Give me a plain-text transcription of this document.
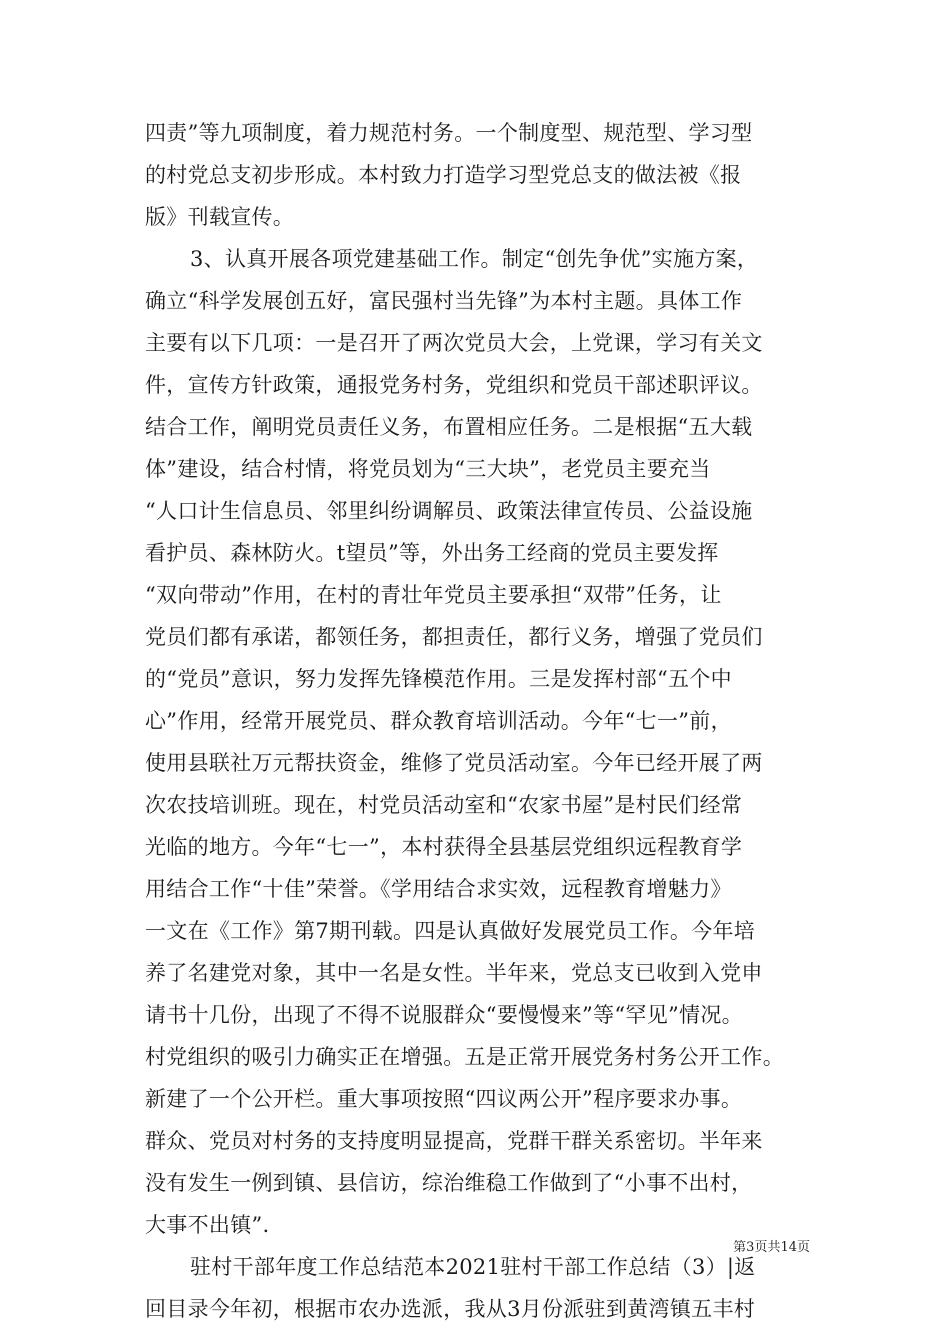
四责”等九项制度，着力规范村务。一个制度型、规范型、学习型
的村党总支初步形成。本村致力打造学习型党总支的做法被《报
版》刊载宣传。
3、认真开展各项党建基础工作。制定“创先争优”实施方案，
确立“科学发展创五好，富民强村当先锋”为本村主题。具体工作
主要有以下几项：一是召开了两次党员大会，上党课，学习有关文
件，宣传方针政策，通报党务村务，党组织和党员干部述职评议。
结合工作，阐明党员责任义务，布置相应任务。二是根据“五大载
体”建设，结合村情，将党员划为“三大块”，老党员主要充当
“人口计生信息员、邻里纠纷调解员、政策法律宣传员、公益设施
看护员、森林防火。t望员”等，外出务工经商的党员主要发挥
“双向带动”作用，在村的青壮年党员主要承担“双带”任务，让
党员们都有承诺，都领任务，都担责任，都行义务，增强了党员们
的“党员”意识，努力发挥先锋模范作用。三是发挥村部“五个中
心”作用，经常开展党员、群众教育培训活动。今年“七一”前，
使用县联社万元帮扶资金，维修了党员活动室。今年已经开展了两
次农技培训班。现在，村党员活动室和“农家书屋”是村民们经常
光临的地方。今年“七一”，本村获得全县基层党组织远程教育学
用结合工作“十佳”荣誉。《学用结合求实效，远程教育增魅力》
一文在《工作》第7期刊载。四是认真做好发展党员工作。今年培
养了名建党对象，其中一名是女性。半年来，党总支已收到入党申
请书十几份，出现了不得不说服群众“要慢慢来”等“罕见”情况。
村党组织的吸引力确实正在增强。五是正常开展党务村务公开工作。
新建了一个公开栏。重大事项按照“四议两公开”程序要求办事。
群众、党员对村务的支持度明显提高，党群干群关系密切。半年来
没有发生一例到镇、县信访，综治维稳工作做到了“小事不出村，
大事不出镇”.
驻村干部年度工作总结范本2021驻村干部工作总结（3）|返
回目录今年初，根据市农办选派，我从3月份派驻到黄湾镇五丰村
第3页共14页
